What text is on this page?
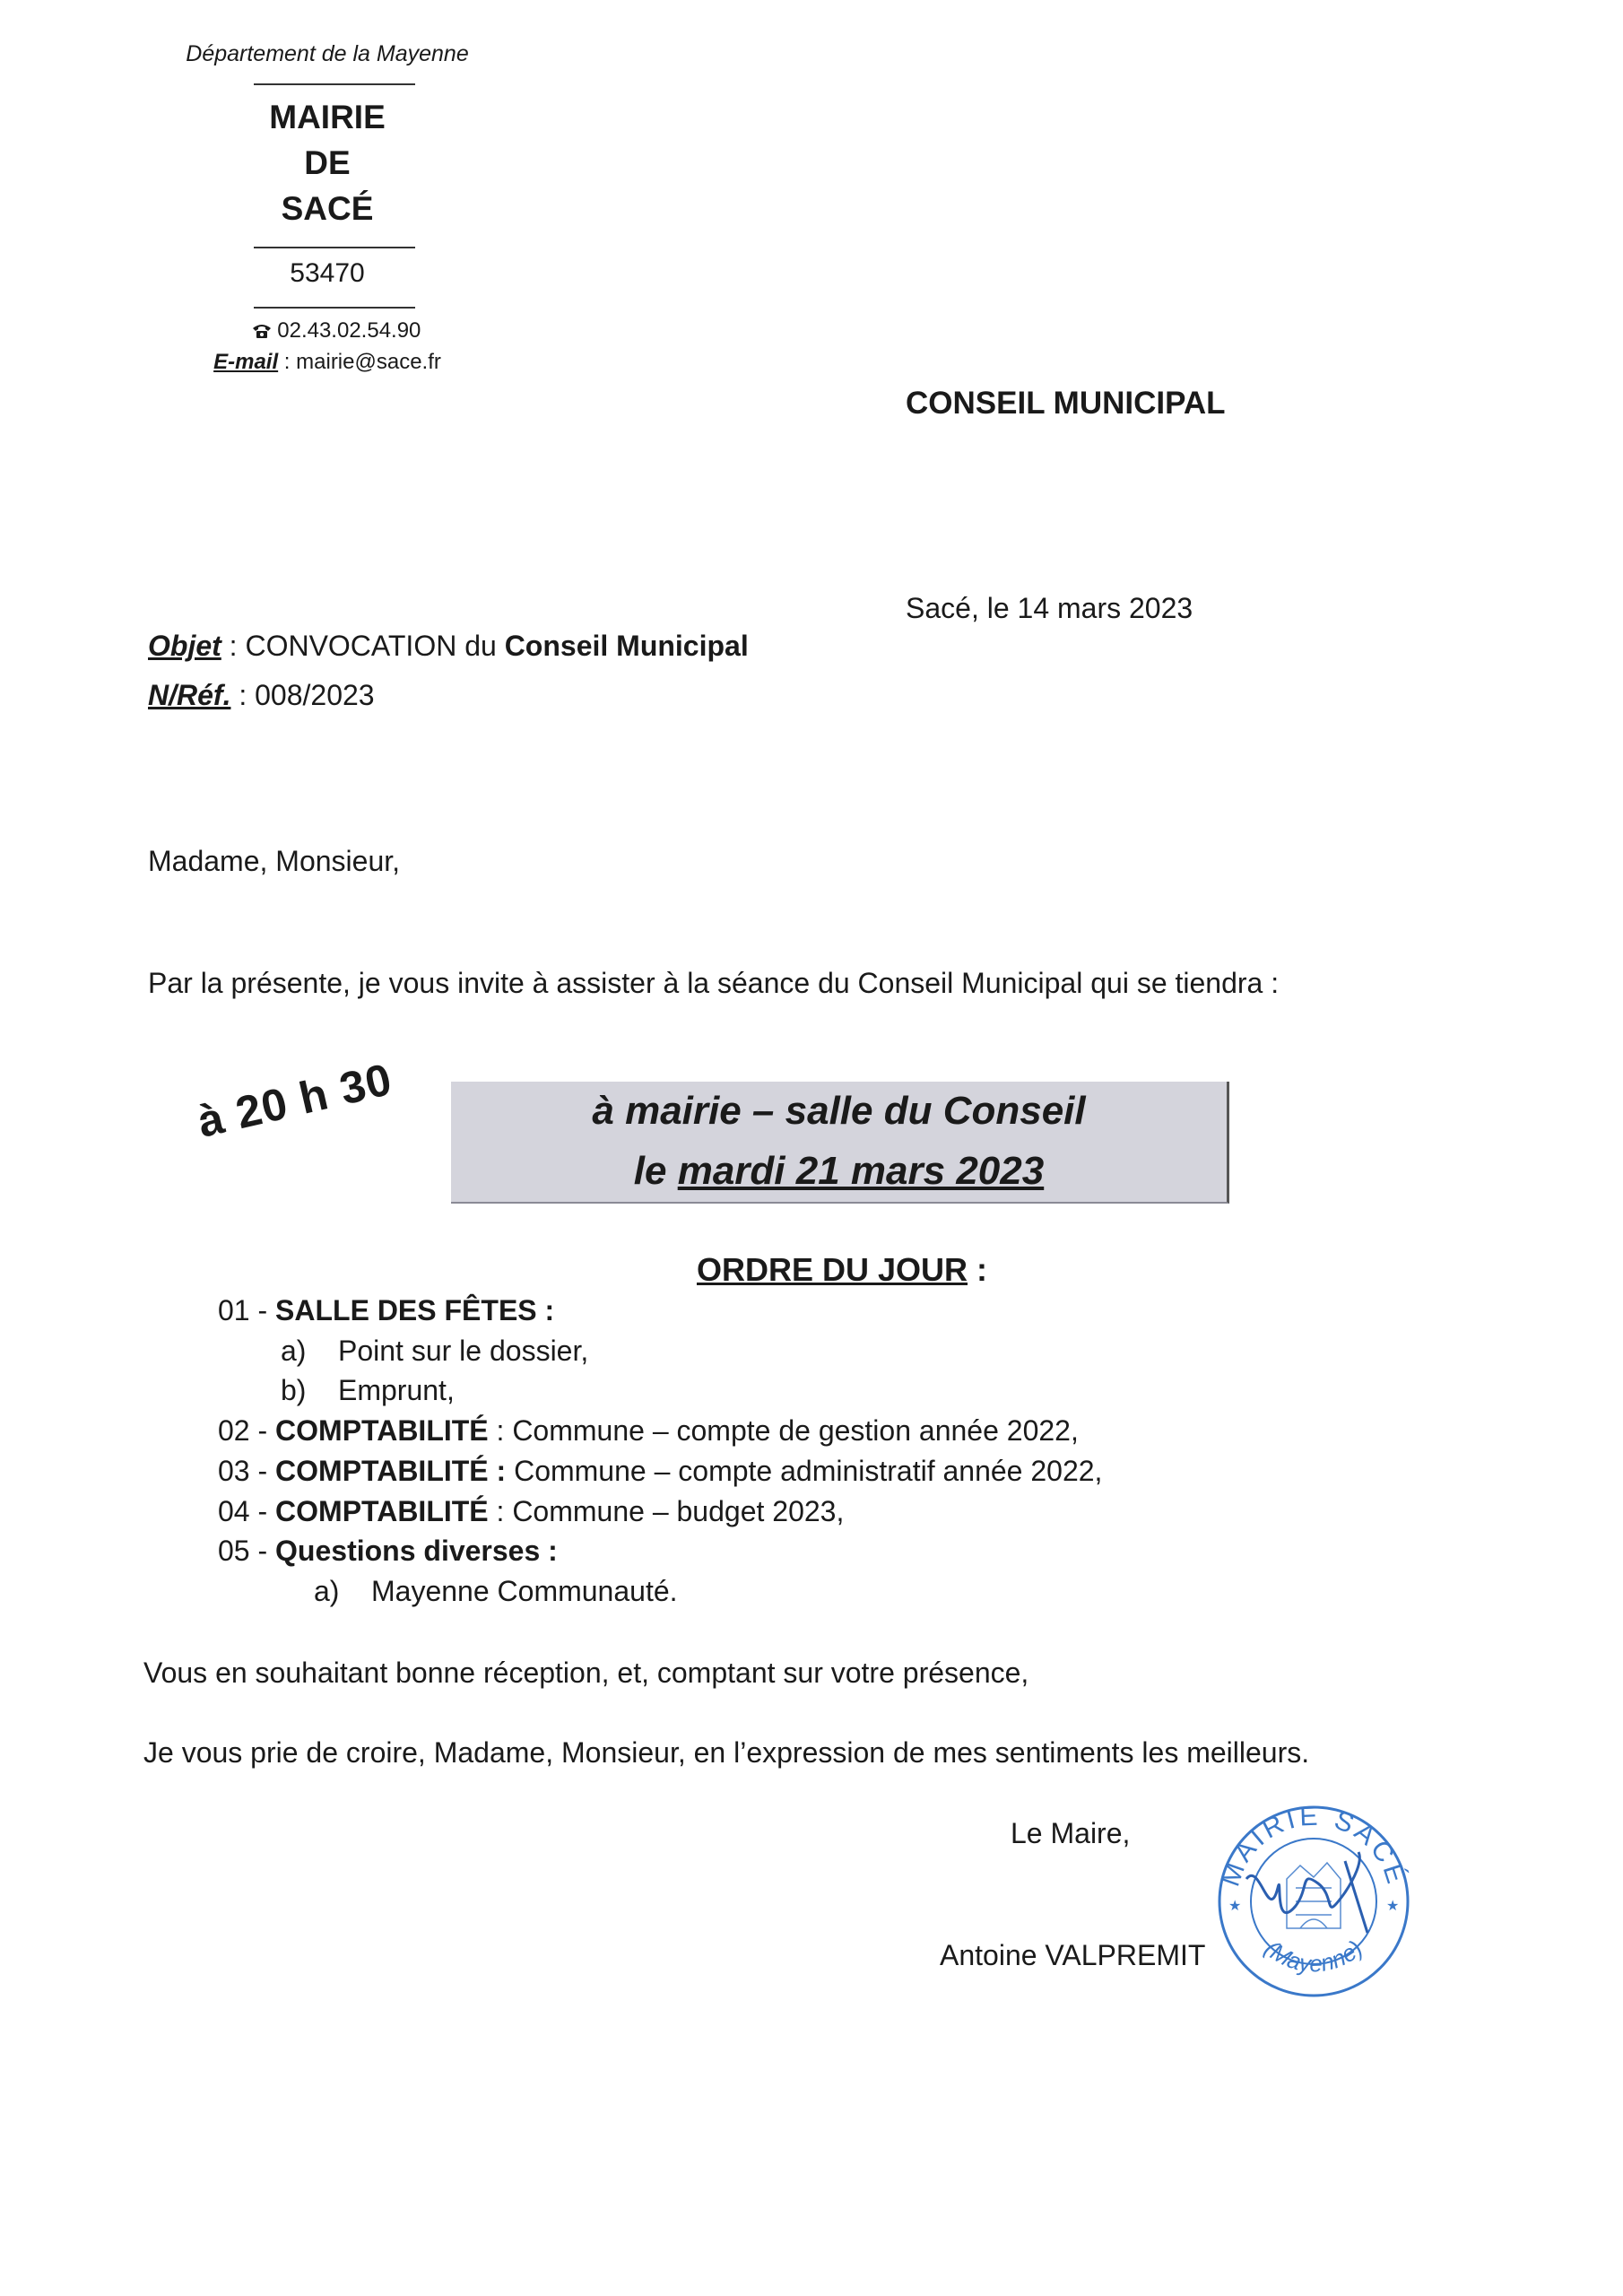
Département de la Mayenne
MAIRIE
DE
SACÉ
53470
02.43.02.54.90
E-mail : mairie@sace.fr
CONSEIL MUNICIPAL
Sacé, le 14 mars 2023
Objet : CONVOCATION du Conseil Municipal
N/Réf. : 008/2023
Madame, Monsieur,
Par la présente, je vous invite à assister à la séance du Conseil Municipal qui se tiendra :
à 20 h 30	à mairie – salle du Conseil
le mardi 21 mars 2023
ORDRE DU JOUR :
01 - SALLE DES FÊTES :
a) Point sur le dossier,
b) Emprunt,
02 - COMPTABILITÉ : Commune – compte de gestion année 2022,
03 - COMPTABILITÉ : Commune – compte administratif année 2022,
04 - COMPTABILITÉ : Commune – budget 2023,
05 - Questions diverses :
a) Mayenne Communauté.
Vous en souhaitant bonne réception, et, comptant sur votre présence,
Je vous prie de croire, Madame, Monsieur, en l’expression de mes sentiments les meilleurs.
Le Maire,
Antoine VALPREMIT
MAIRIE SACÉ
(Mayenne)
★	★
